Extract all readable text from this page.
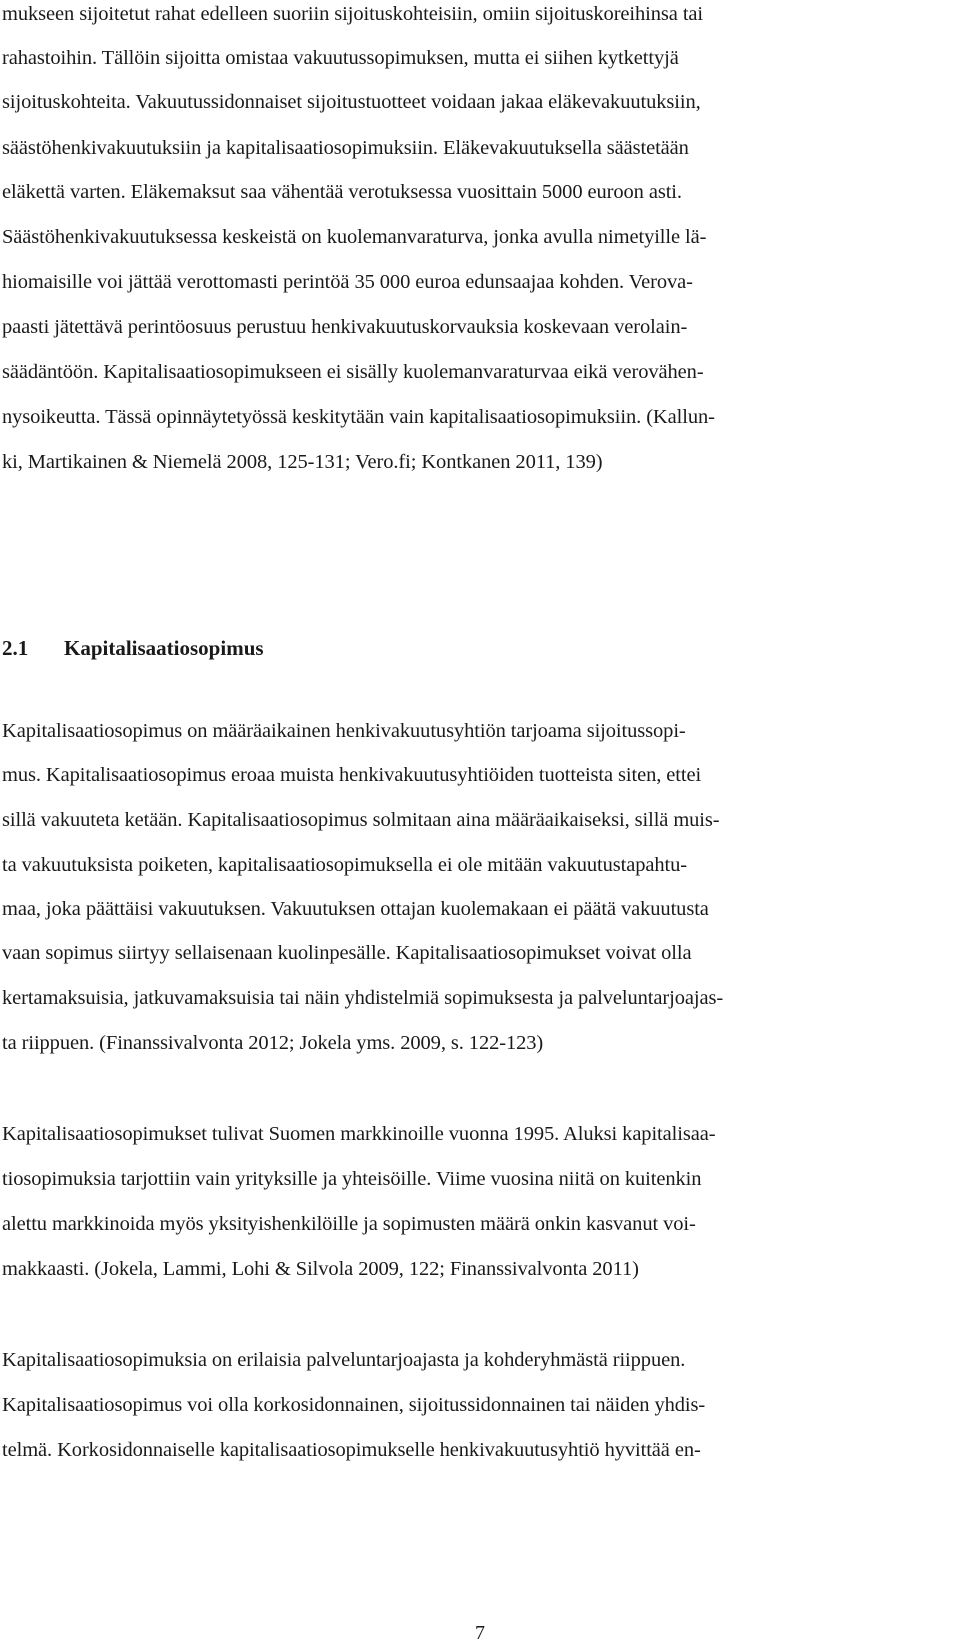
mukseen sijoitetut rahat edelleen suoriin sijoituskohteisiin, omiin sijoituskoreihinsa tai
rahastoihin. Tällöin sijoitta omistaa vakuutussopimuksen, mutta ei siihen kytkettyjä
sijoituskohteita. Vakuutussidonnaiset sijoitustuotteet voidaan jakaa eläkevakuutuksiin,
säästöhenkivakuutuksiin ja kapitalisaatiosopimuksiin. Eläkevakuutuksella säästetään
eläkettä varten. Eläkemaksut saa vähentää verotuksessa vuosittain 5000 euroon asti.
Säästöhenkivakuutuksessa keskeistä on kuolemanvaraturva, jonka avulla nimetyille lä-
hiomaisille voi jättää verottomasti perintöä 35 000 euroa edunsaajaa kohden. Verova-
paasti jätettävä perintöosuus perustuu henkivakuutuskorvauksia koskevaan verolain-
säädäntöön. Kapitalisaatiosopimukseen ei sisälly kuolemanvaraturvaa eikä verovähen-
nysoikeutta. Tässä opinnäytetyössä keskitytään vain kapitalisaatiosopimuksiin. (Kallun-
ki, Martikainen & Niemelä 2008, 125-131; Vero.fi; Kontkanen 2011, 139)
2.1 Kapitalisaatiosopimus
Kapitalisaatiosopimus on määräaikainen henkivakuutusyhtiön tarjoama sijoitussopi-
mus. Kapitalisaatiosopimus eroaa muista henkivakuutusyhtiöiden tuotteista siten, ettei
sillä vakuuteta ketään. Kapitalisaatiosopimus solmitaan aina määräaikaiseksi, sillä muis-
ta vakuutuksista poiketen, kapitalisaatiosopimuksella ei ole mitään vakuutustapahtu-
maa, joka päättäisi vakuutuksen. Vakuutuksen ottajan kuolemakaan ei päätä vakuutusta
vaan sopimus siirtyy sellaisenaan kuolinpesälle. Kapitalisaatiosopimukset voivat olla
kertamaksuisia, jatkuvamaksuisia tai näin yhdistelmiä sopimuksesta ja palveluntarjoajas-
ta riippuen. (Finanssivalvonta 2012; Jokela yms. 2009, s. 122-123)
Kapitalisaatiosopimukset tulivat Suomen markkinoille vuonna 1995. Aluksi kapitalisaa-
tiosopimuksia tarjottiin vain yrityksille ja yhteisöille. Viime vuosina niitä on kuitenkin
alettu markkinoida myös yksityishenkilöille ja sopimusten määrä onkin kasvanut voi-
makkaasti. (Jokela, Lammi, Lohi & Silvola 2009, 122; Finanssivalvonta 2011)
Kapitalisaatiosopimuksia on erilaisia palveluntarjoajasta ja kohderyhmästä riippuen.
Kapitalisaatiosopimus voi olla korkosidonnainen, sijoitussidonnainen tai näiden yhdis-
telmä. Korkosidonnaiselle kapitalisaatiosopimukselle henkivakuutusyhtiö hyvittää en-
7
